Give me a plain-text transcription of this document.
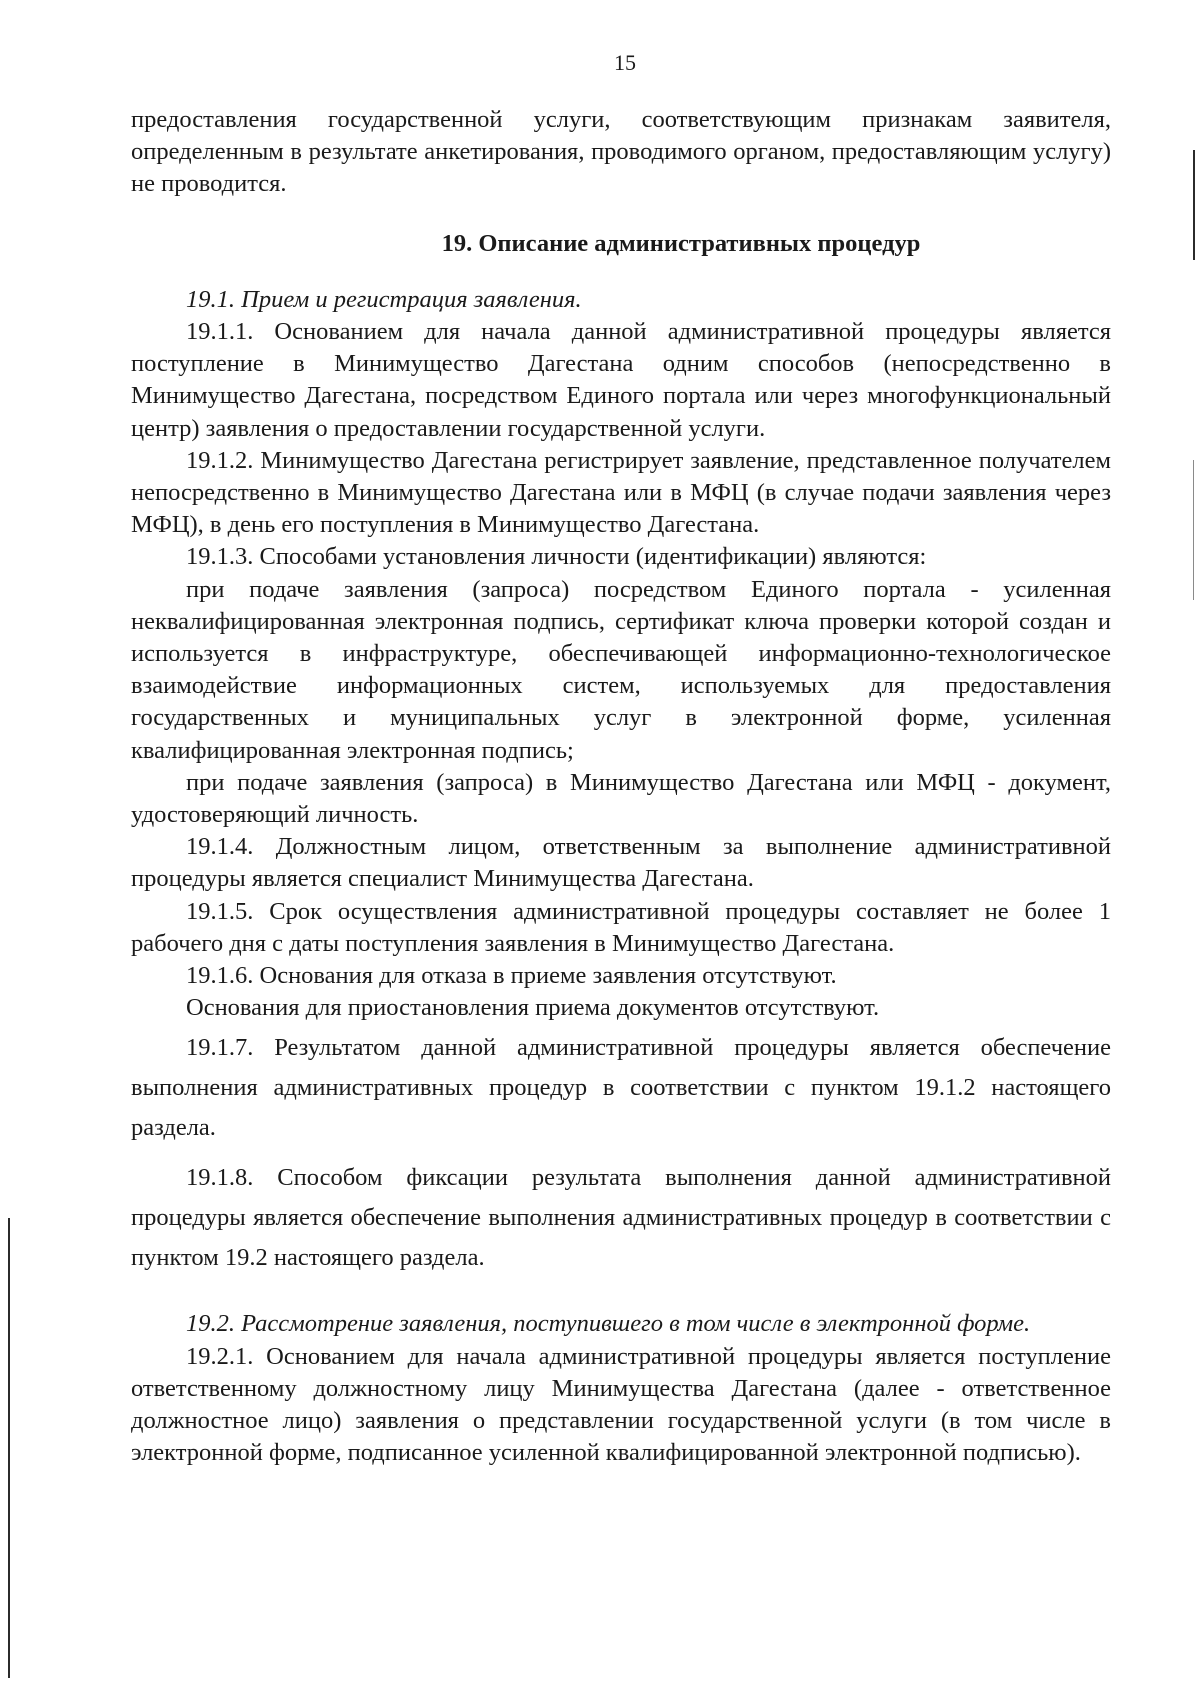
15

предоставления государственной услуги, соответствующим признакам заявителя, определенным в результате анкетирования, проводимого органом, предоставляющим услугу) не проводится.

19. Описание административных процедур

19.1. Прием и регистрация заявления.

19.1.1. Основанием для начала данной административной процедуры является поступление в Минимущество Дагестана одним способов (непосредственно в Минимущество Дагестана, посредством Единого портала или через многофункциональный центр) заявления о предоставлении государственной услуги.

19.1.2. Минимущество Дагестана регистрирует заявление, представленное получателем непосредственно в Минимущество Дагестана или в МФЦ (в случае подачи заявления через МФЦ), в день его поступления в Минимущество Дагестана.

19.1.3. Способами установления личности (идентификации) являются:

при подаче заявления (запроса) посредством Единого портала - усиленная неквалифицированная электронная подпись, сертификат ключа проверки которой создан и используется в инфраструктуре, обеспечивающей информационно-технологическое взаимодействие информационных систем, используемых для предоставления государственных и муниципальных услуг в электронной форме, усиленная квалифицированная электронная подпись;

при подаче заявления (запроса) в Минимущество Дагестана или МФЦ - документ, удостоверяющий личность.

19.1.4. Должностным лицом, ответственным за выполнение административной процедуры является специалист Минимущества Дагестана.

19.1.5. Срок осуществления административной процедуры составляет не более 1 рабочего дня с даты поступления заявления в Минимущество Дагестана.

19.1.6. Основания для отказа в приеме заявления отсутствуют.

Основания для приостановления приема документов отсутствуют.

19.1.7. Результатом данной административной процедуры является обеспечение выполнения административных процедур в соответствии с пунктом 19.1.2 настоящего раздела.

19.1.8. Способом фиксации результата выполнения данной административной процедуры является обеспечение выполнения административных процедур в соответствии с пунктом 19.2 настоящего раздела.

19.2. Рассмотрение заявления, поступившего в том числе в электронной форме.

19.2.1. Основанием для начала административной процедуры является поступление ответственному должностному лицу Минимущества Дагестана (далее - ответственное должностное лицо) заявления о представлении государственной услуги (в том числе в электронной форме, подписанное усиленной квалифицированной электронной подписью).
